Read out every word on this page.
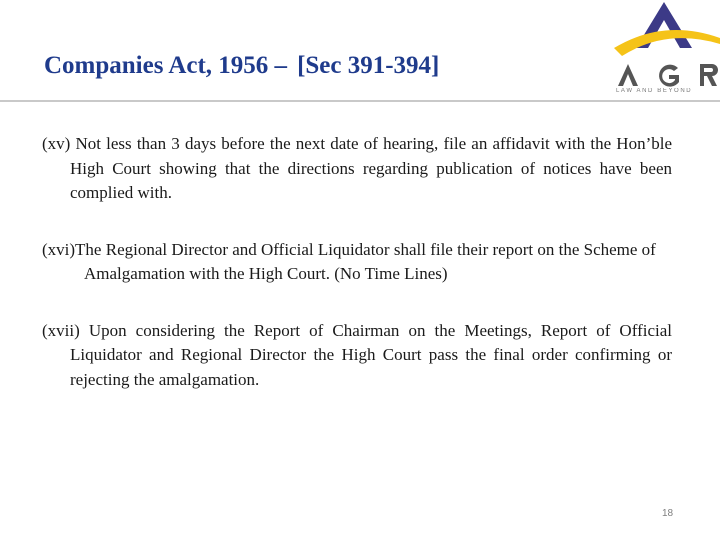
Companies Act, 1956 – [Sec 391-394]
LAW AND BEYOND

(xv) Not less than 3 days before the next date of hearing, file an affidavit with the Hon’ble High Court showing that the directions regarding publication of notices have been complied with.

(xvi)The Regional Director and Official Liquidator shall file their report on the Scheme of Amalgamation with the High Court. (No Time Lines)

(xvii) Upon considering the Report of Chairman on the Meetings, Report of Official Liquidator and Regional Director the High Court pass the final order confirming or rejecting the amalgamation.

18
